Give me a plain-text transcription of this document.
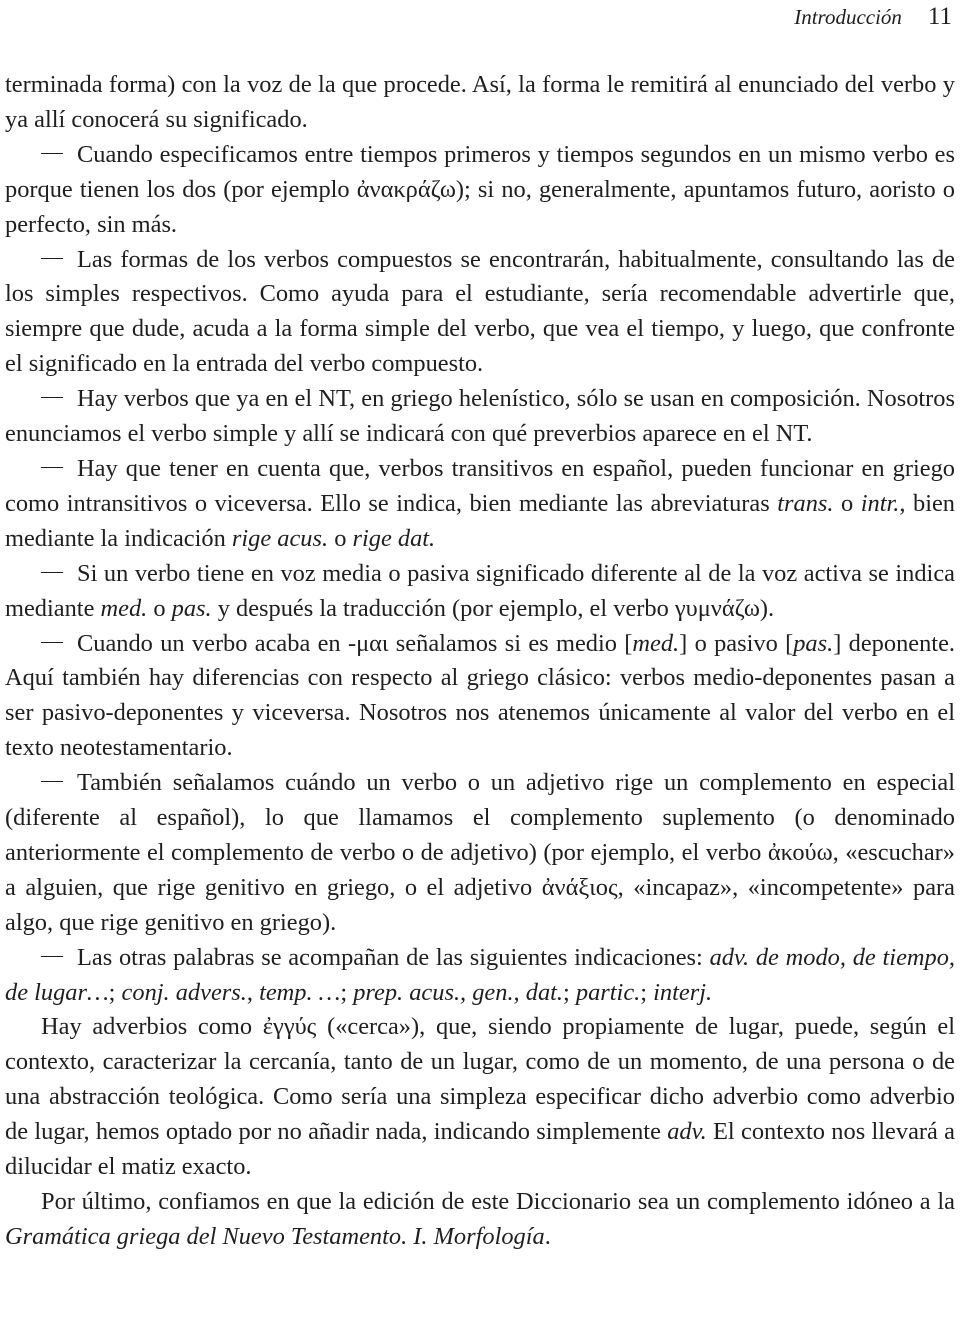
Introducción 11

terminada forma) con la voz de la que procede. Así, la forma le remitirá al enunciado del verbo y ya allí conocerá su significado.

Cuando especificamos entre tiempos primeros y tiempos segundos en un mismo verbo es porque tienen los dos (por ejemplo ἀνακράζω); si no, generalmente, apuntamos futuro, aoristo o perfecto, sin más.

Las formas de los verbos compuestos se encontrarán, habitualmente, consultando las de los simples respectivos. Como ayuda para el estudiante, sería recomendable advertirle que, siempre que dude, acuda a la forma simple del verbo, que vea el tiempo, y luego, que confronte el significado en la entrada del verbo compuesto.

Hay verbos que ya en el NT, en griego helenístico, sólo se usan en composición. Nosotros enunciamos el verbo simple y allí se indicará con qué preverbios aparece en el NT.

Hay que tener en cuenta que, verbos transitivos en español, pueden funcionar en griego como intransitivos o viceversa. Ello se indica, bien mediante las abreviaturas trans. o intr., bien mediante la indicación rige acus. o rige dat.

Si un verbo tiene en voz media o pasiva significado diferente al de la voz activa se indica mediante med. o pas. y después la traducción (por ejemplo, el verbo γυμνάζω).

Cuando un verbo acaba en -μαι señalamos si es medio [med.] o pasivo [pas.] deponente. Aquí también hay diferencias con respecto al griego clásico: verbos medio-deponentes pasan a ser pasivo-deponentes y viceversa. Nosotros nos atenemos únicamente al valor del verbo en el texto neotestamentario.

También señalamos cuándo un verbo o un adjetivo rige un complemento en especial (diferente al español), lo que llamamos el complemento suplemento (o denominado anteriormente el complemento de verbo o de adjetivo) (por ejemplo, el verbo ἀκούω, «escuchar» a alguien, que rige genitivo en griego, o el adjetivo ἀνάξιος, «incapaz», «incompetente» para algo, que rige genitivo en griego).

Las otras palabras se acompañan de las siguientes indicaciones: adv. de modo, de tiempo, de lugar…; conj. advers., temp. …; prep. acus., gen., dat.; partic.; interj.

Hay adverbios como ἐγγύς («cerca»), que, siendo propiamente de lugar, puede, según el contexto, caracterizar la cercanía, tanto de un lugar, como de un momento, de una persona o de una abstracción teológica. Como sería una simpleza especificar dicho adverbio como adverbio de lugar, hemos optado por no añadir nada, indicando simplemente adv. El contexto nos llevará a dilucidar el matiz exacto.

Por último, confiamos en que la edición de este Diccionario sea un complemento idóneo a la Gramática griega del Nuevo Testamento. I. Morfología.
